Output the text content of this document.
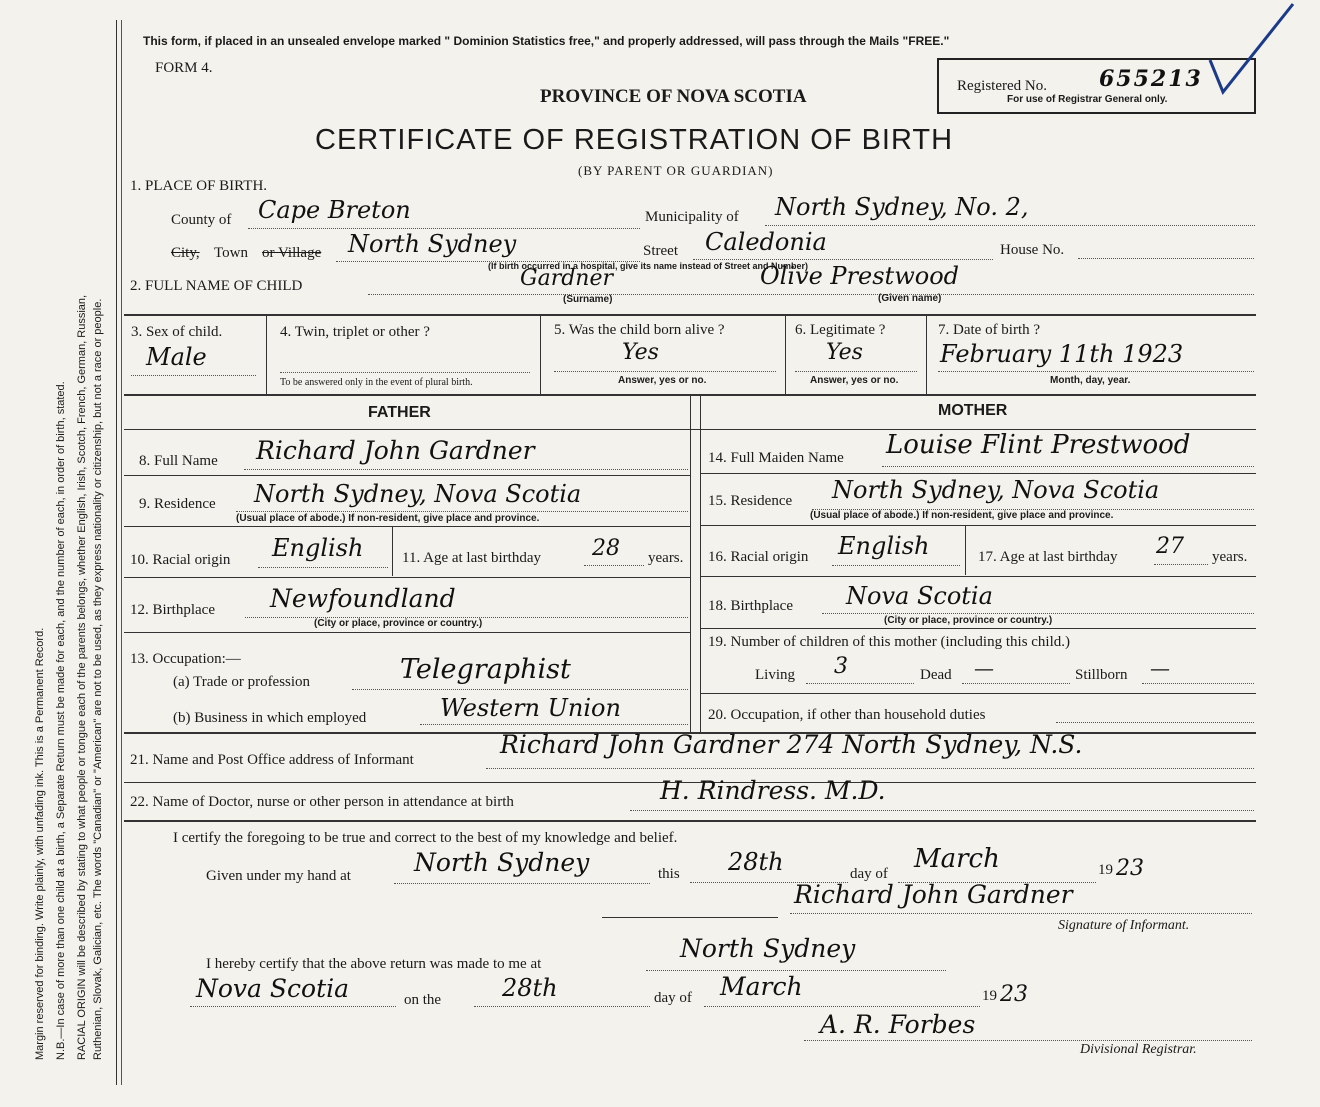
Margin reserved for binding. Write plainly, with unfading ink. This is a Permanent Record. N.B.—In case of more than one child at a birth, a Separate Return must be made for each, and the number of each, in order of birth, stated. RACIAL ORIGIN will be described by stating to what people or tongue each of the parents belongs, whether English, Irish, Scotch, French, German, Russian, Ruthenian, Slovak, Galician, etc. The words "Canadian" or "American" are not to be used, as they express nationality or citizenship, but not a race or people.
This form, if placed in an unsealed envelope marked " Dominion Statistics free," and properly addressed, will pass through the Mails "FREE."
FORM 4.
PROVINCE OF NOVA SCOTIA
CERTIFICATE OF REGISTRATION OF BIRTH
(BY PARENT OR GUARDIAN)
Registered No. 655213
For use of Registrar General only.
1. PLACE OF BIRTH.
County of Cape Breton	Municipality of North Sydney, No. 2,
City, Town or Village North Sydney	Street Caledonia	House No.
(If birth occurred in a hospital, give its name instead of Street and Number)
2. FULL NAME OF CHILD	Gardner	Olive Prestwood
(Surname)	(Given name)
3. Sex of child.
Male
4. Twin, triplet or other ?
To be answered only in the event of plural birth.
5. Was the child born alive ?
Yes
Answer, yes or no.
6. Legitimate ?
Yes
Answer, yes or no.
7. Date of birth ?
February 11th 1923
Month, day, year.
FATHER	MOTHER
8. Full Name Richard John Gardner
9. Residence North Sydney, Nova Scotia
(Usual place of abode.) If non-resident, give place and province.
10. Racial origin English	11. Age at last birthday 28 years.
12. Birthplace Newfoundland
(City or place, province or country.)
13. Occupation:—
(a) Trade or profession	Telegraphist
(b) Business in which employed	Western Union
14. Full Maiden Name Louise Flint Prestwood
15. Residence North Sydney, Nova Scotia
(Usual place of abode.) If non-resident, give place and province.
16. Racial origin English	17. Age at last birthday 27 years.
18. Birthplace Nova Scotia
(City or place, province or country.)
19. Number of children of this mother (including this child.)
Living 3	Dead —	Stillborn —
20. Occupation, if other than household duties
21. Name and Post Office address of Informant
Richard John Gardner 274 North Sydney, N.S.
22. Name of Doctor, nurse or other person in attendance at birth	H. Rindress. M.D.
I certify the foregoing to be true and correct to the best of my knowledge and belief.
Given under my hand at	North Sydney	this 28th	day of March	19 23
Richard John Gardner
Signature of Informant.
I hereby certify that the above return was made to me at
North Sydney
Nova Scotia	on the	28th	day of March	19 23
A. R. Forbes
Divisional Registrar.
